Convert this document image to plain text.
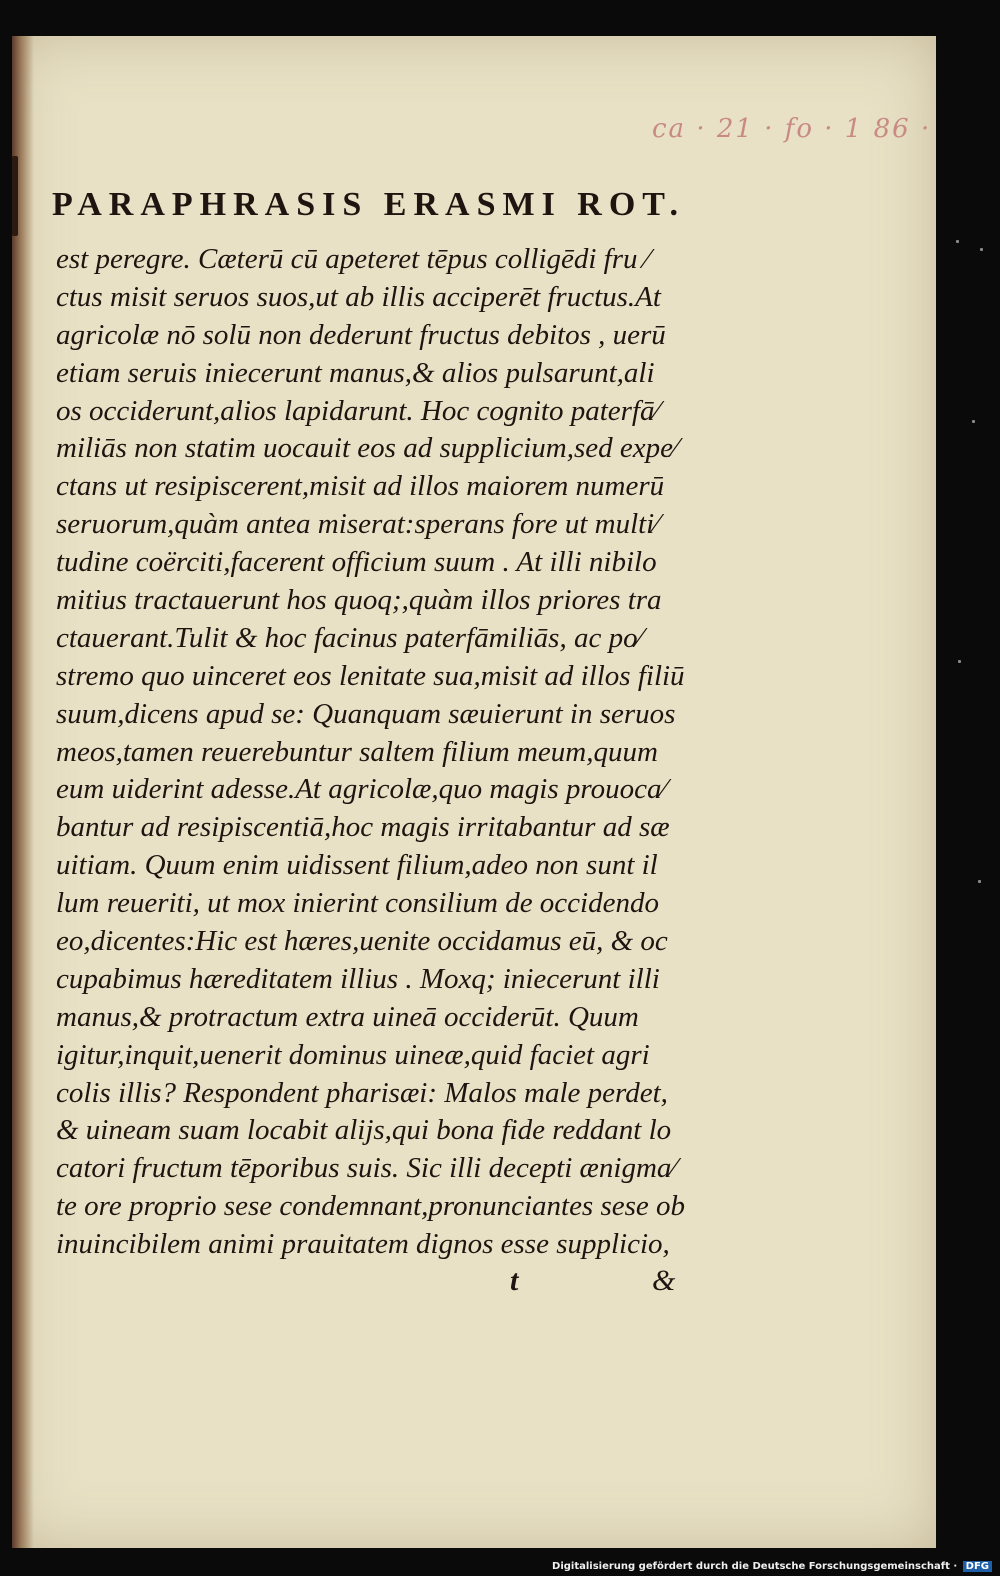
ca · 21 · fo · 1 86 ·
PARAPHRASIS ERASMI ROT.
est peregre. Cæterū cū apeteret tēpus colligēdi fru ⁄
ctus misit seruos suos,ut ab illis acciperēt fructus.At
agricolæ nō solū non dederunt fructus debitos , uerū
etiam seruis iniecerunt manus,& alios pulsarunt,ali
os occiderunt,alios lapidarunt. Hoc cognito paterfā⁄
miliās non statim uocauit eos ad supplicium,sed expe⁄
ctans ut resipiscerent,misit ad illos maiorem numerū
seruorum,quàm antea miserat:sperans fore ut multi⁄
tudine coërciti,facerent officium suum . At illi nibilo
mitius tractauerunt hos quoq;,quàm illos priores tra
ctauerant.Tulit & hoc facinus paterfāmiliās, ac po⁄
stremo quo uinceret eos lenitate sua,misit ad illos filiū
suum,dicens apud se: Quanquam sæuierunt in seruos
meos,tamen reuerebuntur saltem filium meum,quum
eum uiderint adesse.At agricolæ,quo magis prouoca⁄
bantur ad resipiscentiā,hoc magis irritabantur ad sæ
uitiam. Quum enim uidissent filium,adeo non sunt il
lum reueriti, ut mox inierint consilium de occidendo
eo,dicentes:Hic est hæres,uenite occidamus eū, & oc
cupabimus hæreditatem illius . Moxq; iniecerunt illi
manus,& protractum extra uineā occiderūt. Quum
igitur,inquit,uenerit dominus uineæ,quid faciet agri
colis illis? Respondent pharisæi: Malos male perdet,
& uineam suam locabit alijs,qui bona fide reddant lo
catori fructum tēporibus suis. Sic illi decepti ænigma⁄
te ore proprio sese condemnant,pronunciantes sese ob
inuincibilem animi prauitatem dignos esse supplicio,
t	&
Digitalisierung gefördert durch die Deutsche Forschungsgemeinschaft · DFG
